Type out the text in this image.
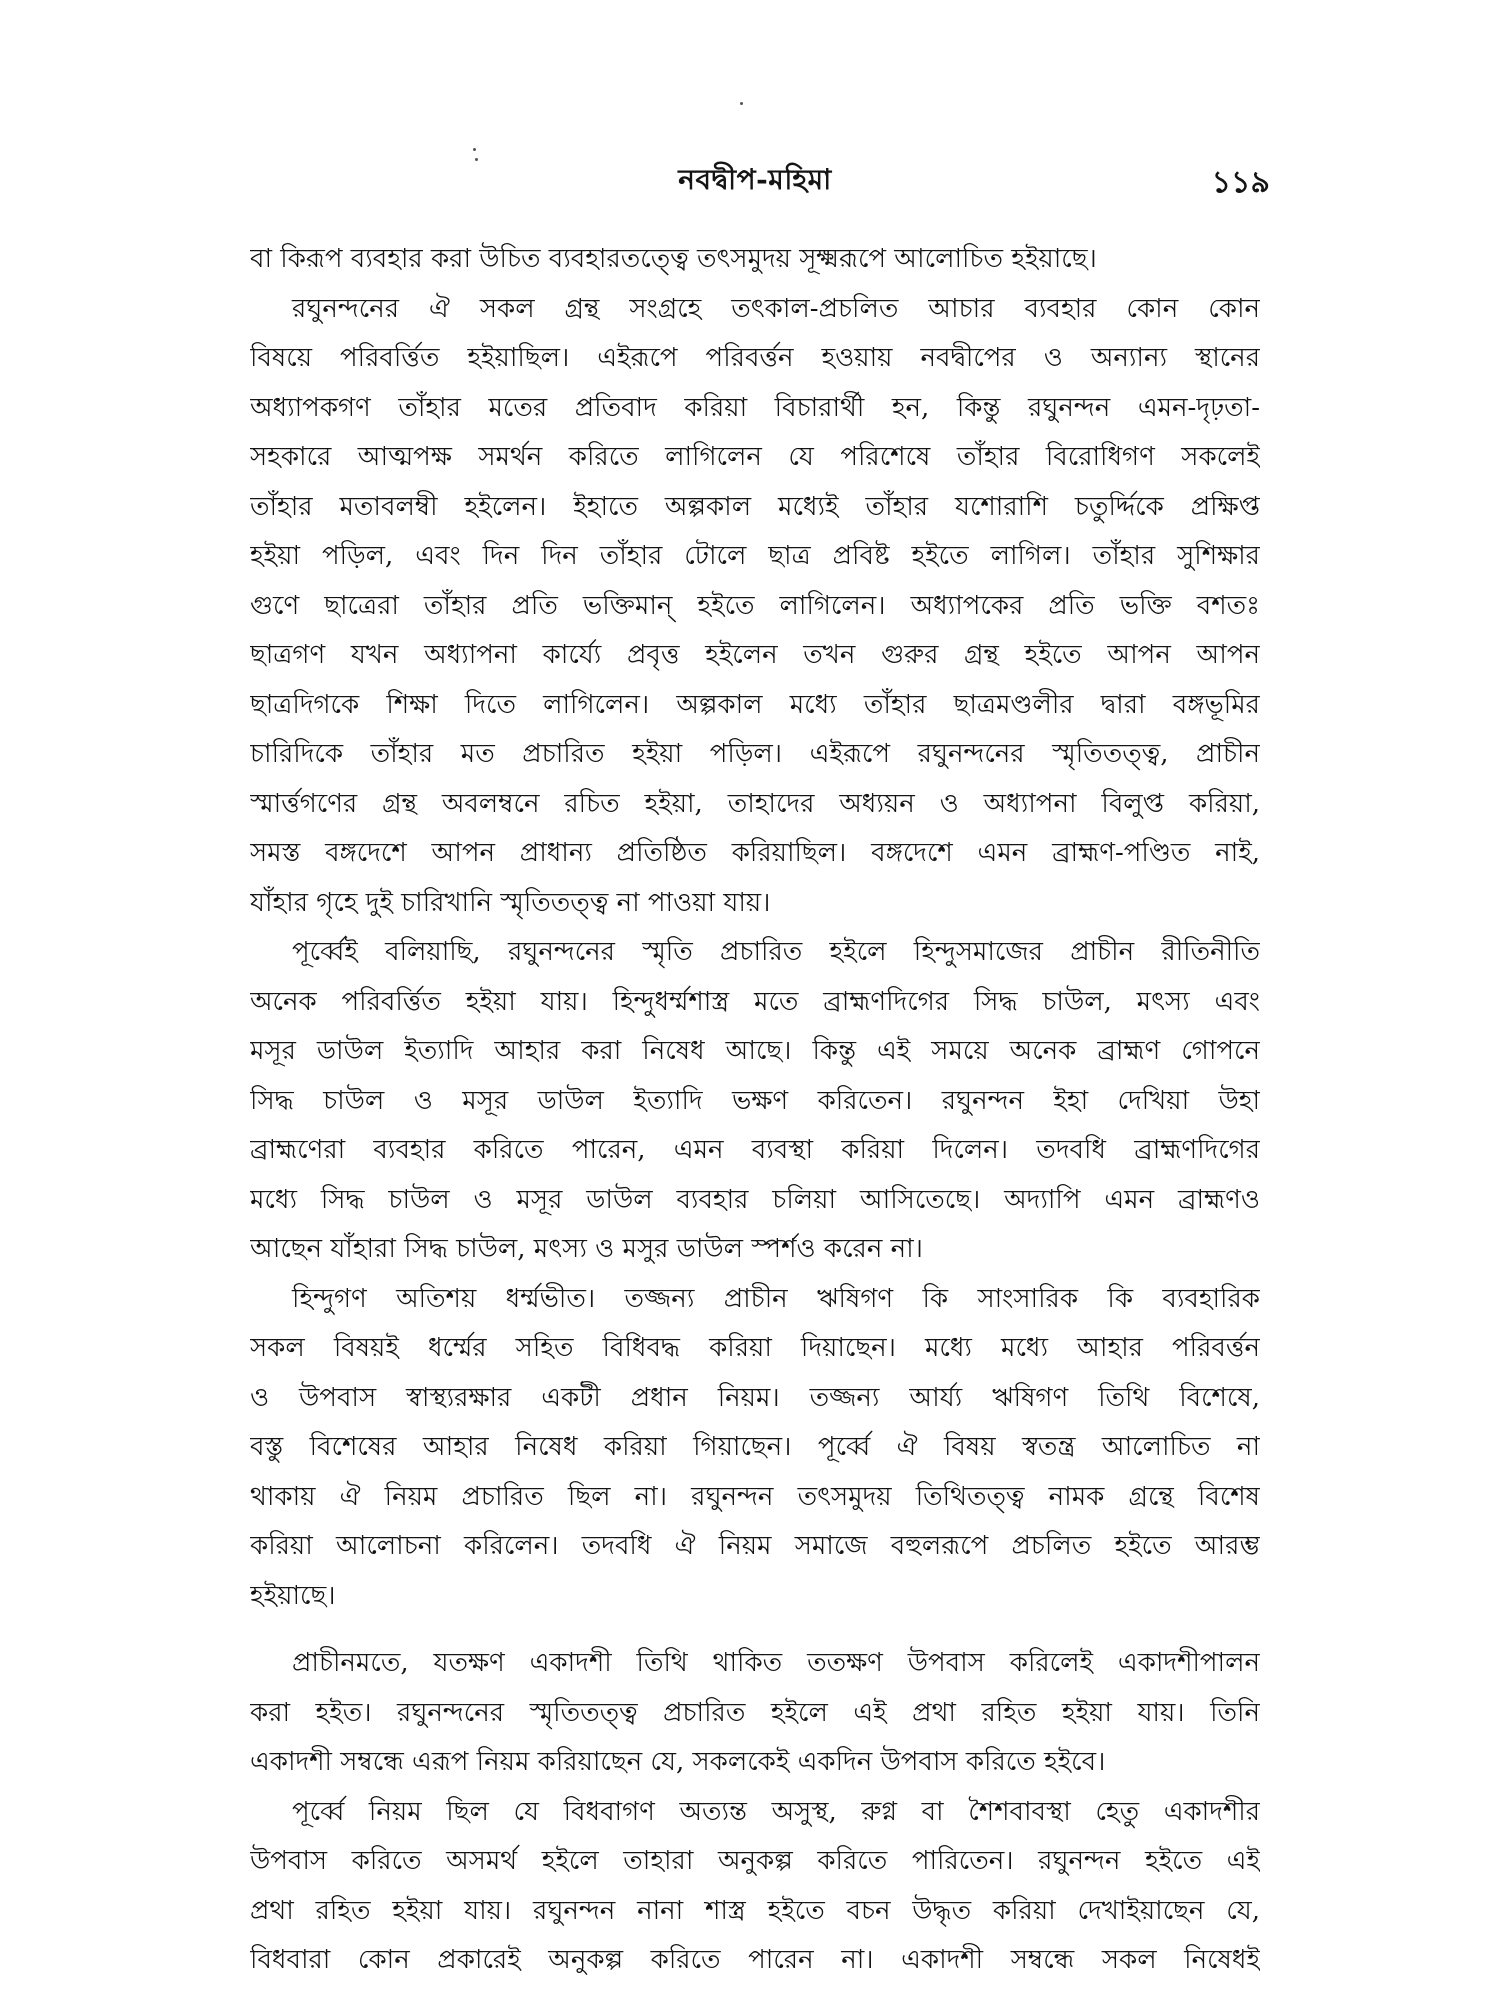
নবদ্বীপ-মহিমা	১১৯
বা কিরূপ ব্যবহার করা উচিত ব্যবহারতত্ত্বে তৎসমুদয় সূক্ষ্মরূপে আলোচিত হইয়াছে।
রঘুনন্দনের ঐ সকল গ্রন্থ সংগ্রহে তৎকাল-প্রচলিত আচার ব্যবহার কোন কোন
বিষয়ে পরিবর্ত্তিত হইয়াছিল। এইরূপে পরিবর্ত্তন হওয়ায় নবদ্বীপের ও অন্যান্য স্থানের
অধ্যাপকগণ তাঁহার মতের প্রতিবাদ করিয়া বিচারার্থী হন, কিন্তু রঘুনন্দন এমন-দৃঢ়তা-
সহকারে আত্মপক্ষ সমর্থন করিতে লাগিলেন যে পরিশেষে তাঁহার বিরোধিগণ সকলেই
তাঁহার মতাবলম্বী হইলেন। ইহাতে অল্পকাল মধ্যেই তাঁহার যশোরাশি চতুর্দ্দিকে প্রক্ষিপ্ত
হইয়া পড়িল, এবং দিন দিন তাঁহার টোলে ছাত্র প্রবিষ্ট হইতে লাগিল। তাঁহার সুশিক্ষার
গুণে ছাত্রেরা তাঁহার প্রতি ভক্তিমান্ হইতে লাগিলেন। অধ্যাপকের প্রতি ভক্তি বশতঃ
ছাত্রগণ যখন অধ্যাপনা কার্য্যে প্রবৃত্ত হইলেন তখন গুরুর গ্রন্থ হইতে আপন আপন
ছাত্রদিগকে শিক্ষা দিতে লাগিলেন। অল্পকাল মধ্যে তাঁহার ছাত্রমণ্ডলীর দ্বারা বঙ্গভূমির
চারিদিকে তাঁহার মত প্রচারিত হইয়া পড়িল। এইরূপে রঘুনন্দনের স্মৃতিতত্ত্ব, প্রাচীন
স্মার্ত্তগণের গ্রন্থ অবলম্বনে রচিত হইয়া, তাহাদের অধ্যয়ন ও অধ্যাপনা বিলুপ্ত করিয়া,
সমস্ত বঙ্গদেশে আপন প্রাধান্য প্রতিষ্ঠিত করিয়াছিল। বঙ্গদেশে এমন ব্রাহ্মণ-পণ্ডিত নাই,
যাঁহার গৃহে দুই চারিখানি স্মৃতিতত্ত্ব না পাওয়া যায়।
পূর্ব্বেই বলিয়াছি, রঘুনন্দনের স্মৃতি প্রচারিত হইলে হিন্দুসমাজের প্রাচীন রীতিনীতি
অনেক পরিবর্ত্তিত হইয়া যায়। হিন্দুধর্ম্মশাস্ত্র মতে ব্রাহ্মণদিগের সিদ্ধ চাউল, মৎস্য এবং
মসূর ডাউল ইত্যাদি আহার করা নিষেধ আছে। কিন্তু এই সময়ে অনেক ব্রাহ্মণ গোপনে
সিদ্ধ চাউল ও মসূর ডাউল ইত্যাদি ভক্ষণ করিতেন। রঘুনন্দন ইহা দেখিয়া উহা
ব্রাহ্মণেরা ব্যবহার করিতে পারেন, এমন ব্যবস্থা করিয়া দিলেন। তদবধি ব্রাহ্মণদিগের
মধ্যে সিদ্ধ চাউল ও মসূর ডাউল ব্যবহার চলিয়া আসিতেছে। অদ্যাপি এমন ব্রাহ্মণও
আছেন যাঁহারা সিদ্ধ চাউল, মৎস্য ও মসুর ডাউল স্পর্শও করেন না।
হিন্দুগণ অতিশয় ধর্ম্মভীত। তজ্জন্য প্রাচীন ঋষিগণ কি সাংসারিক কি ব্যবহারিক
সকল বিষয়ই ধর্ম্মের সহিত বিধিবদ্ধ করিয়া দিয়াছেন। মধ্যে মধ্যে আহার পরিবর্ত্তন
ও উপবাস স্বাস্থ্যরক্ষার একটী প্রধান নিয়ম। তজ্জন্য আর্য্য ঋষিগণ তিথি বিশেষে,
বস্তু বিশেষের আহার নিষেধ করিয়া গিয়াছেন। পূর্ব্বে ঐ বিষয় স্বতন্ত্র আলোচিত না
থাকায় ঐ নিয়ম প্রচারিত ছিল না। রঘুনন্দন তৎসমুদয় তিথিতত্ত্ব নামক গ্রন্থে বিশেষ
করিয়া আলোচনা করিলেন। তদবধি ঐ নিয়ম সমাজে বহুলরূপে প্রচলিত হইতে আরম্ভ
হইয়াছে।
প্রাচীনমতে, যতক্ষণ একাদশী তিথি থাকিত ততক্ষণ উপবাস করিলেই একাদশীপালন
করা হইত। রঘুনন্দনের স্মৃতিতত্ত্ব প্রচারিত হইলে এই প্রথা রহিত হইয়া যায়। তিনি
একাদশী সম্বন্ধে এরূপ নিয়ম করিয়াছেন যে, সকলকেই একদিন উপবাস করিতে হইবে।
পূর্ব্বে নিয়ম ছিল যে বিধবাগণ অত্যন্ত অসুস্থ, রুগ্ন বা শৈশবাবস্থা হেতু একাদশীর
উপবাস করিতে অসমর্থ হইলে তাহারা অনুকল্প করিতে পারিতেন। রঘুনন্দন হইতে এই
প্রথা রহিত হইয়া যায়। রঘুনন্দন নানা শাস্ত্র হইতে বচন উদ্ধৃত করিয়া দেখাইয়াছেন যে,
বিধবারা কোন প্রকারেই অনুকল্প করিতে পারেন না। একাদশী সম্বন্ধে সকল নিষেধই
